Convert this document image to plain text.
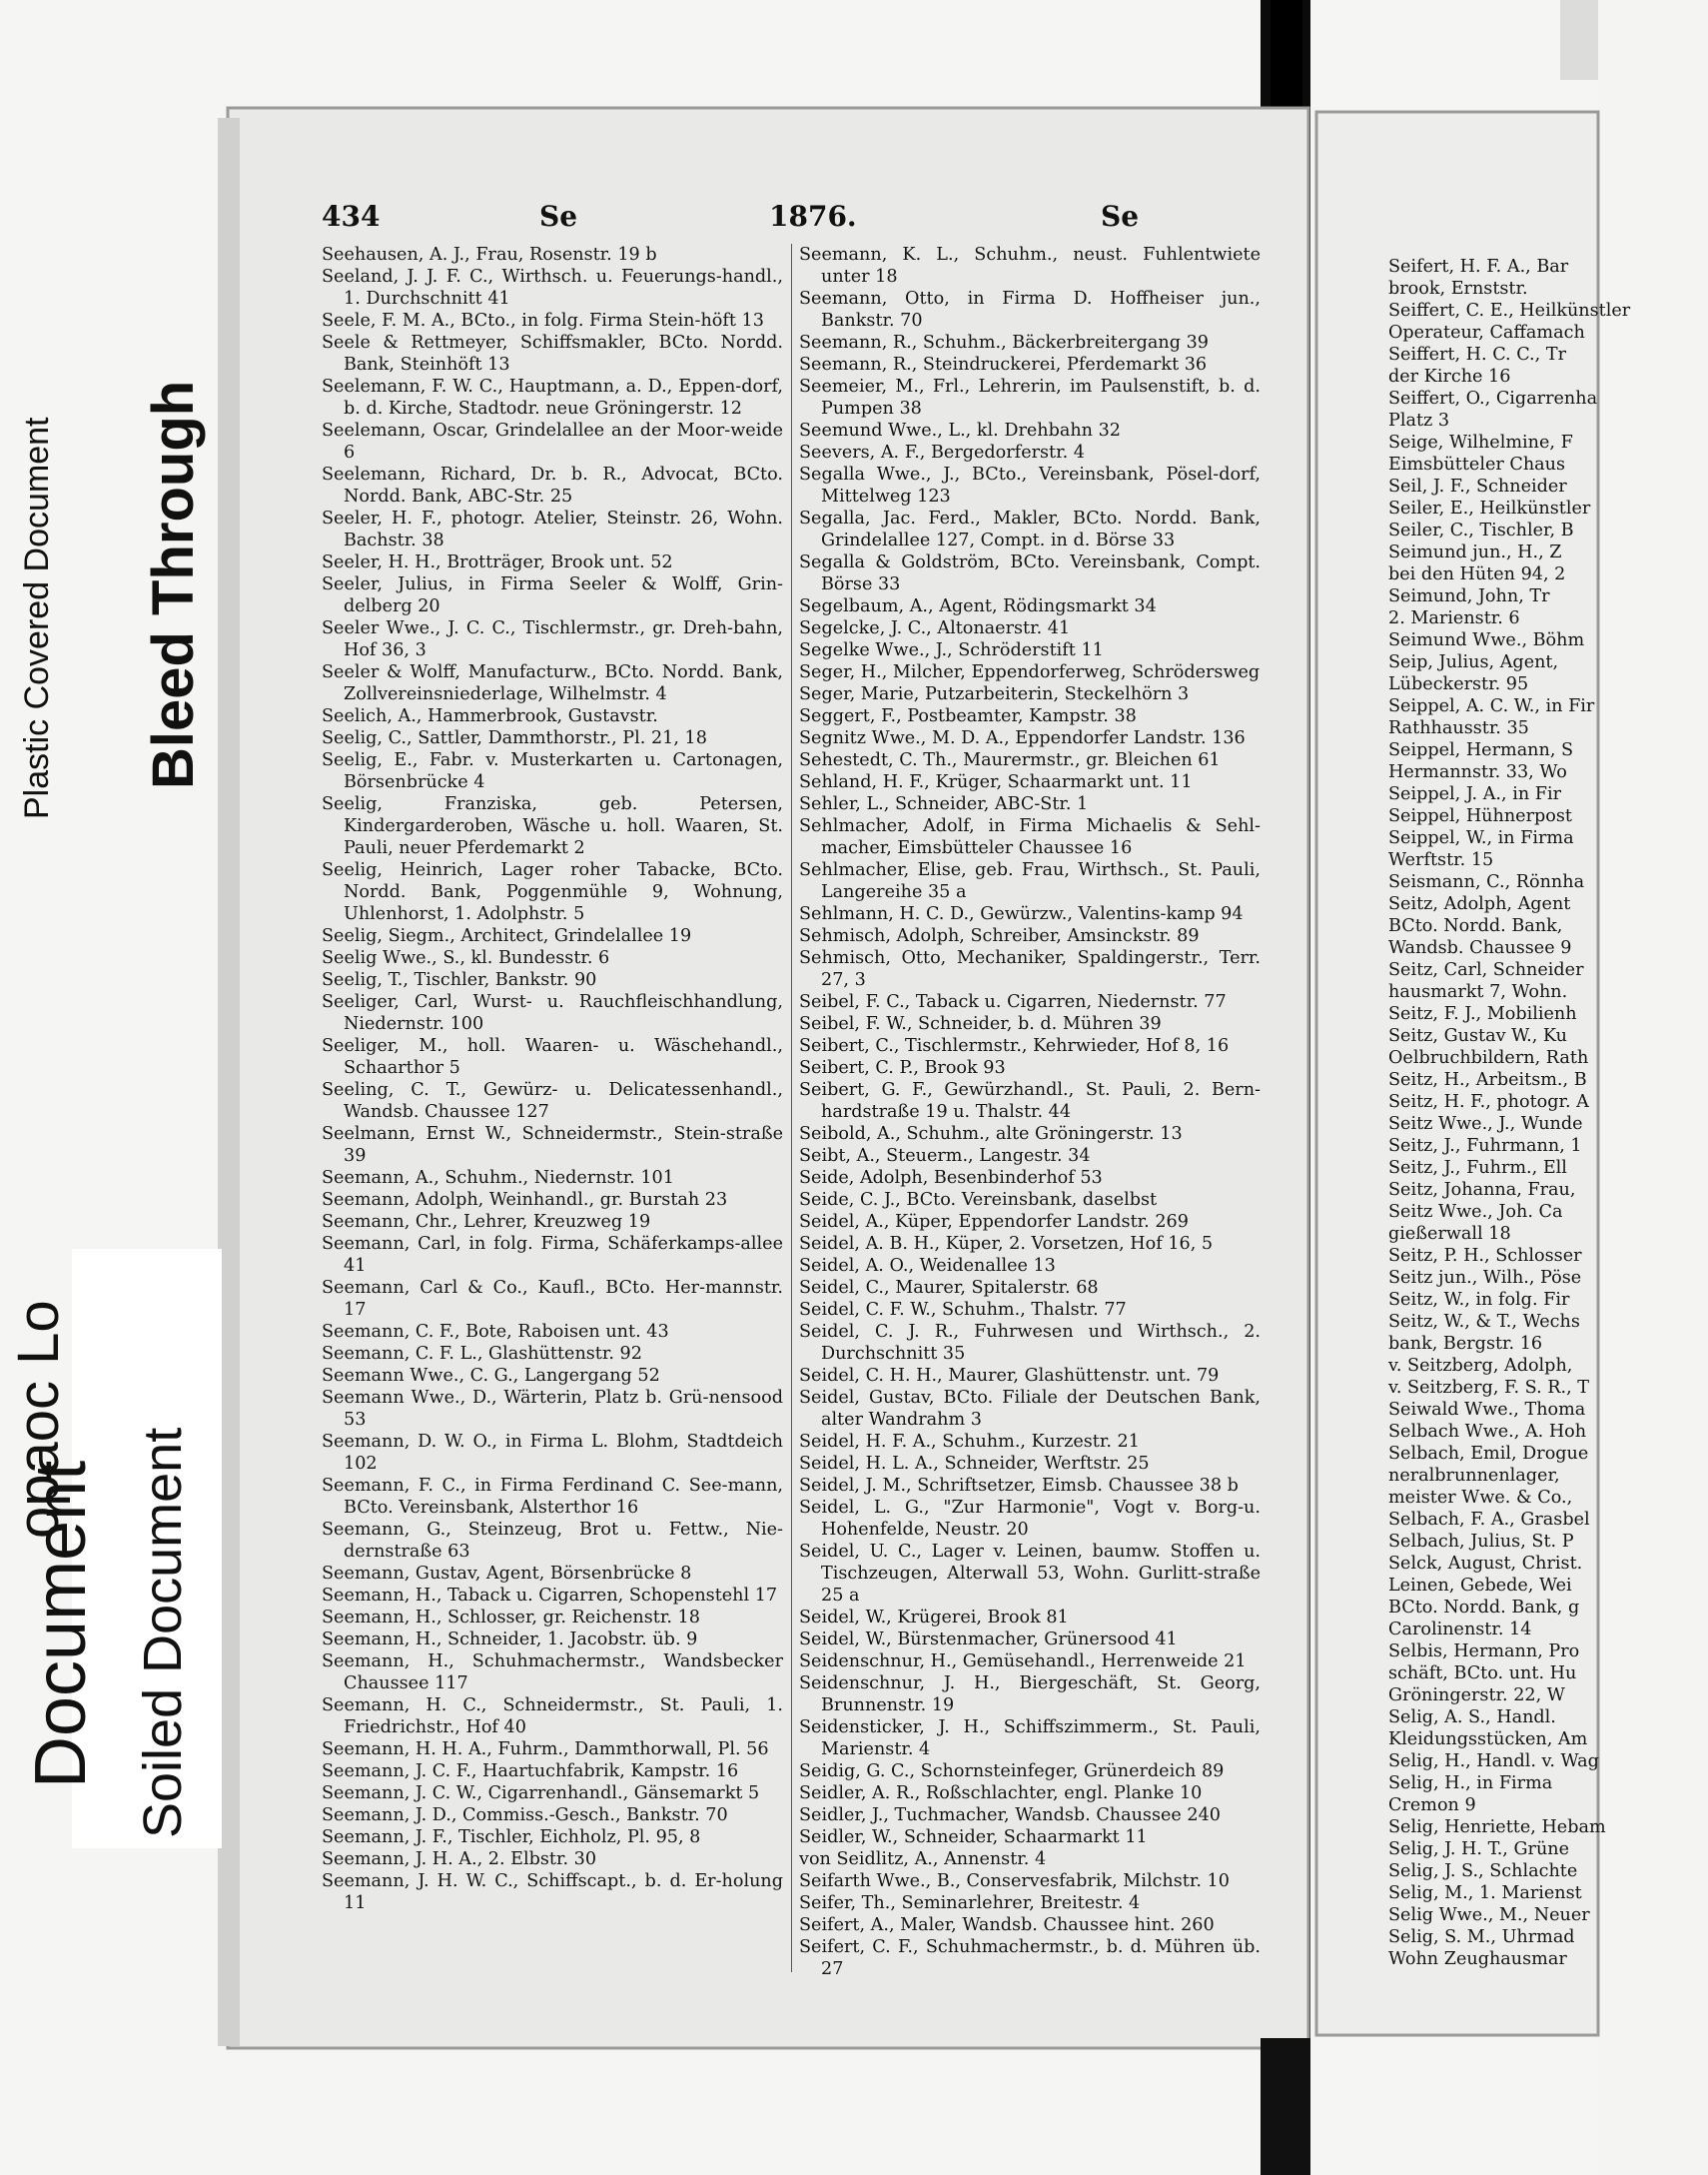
Plastic Covered Document Bleed Through
Soiled Document
Document
opaoc Lo
434	Se	1876.	Se

Seehausen, A. J., Frau, Rosenstr. 19 b

Seeland, J. J. F. C., Wirthsch. u. Feuerungs-handl., 1. Durchschnitt 41

Seele, F. M. A., BCto., in folg. Firma Stein-höft 13

Seele & Rettmeyer, Schiffsmakler, BCto. Nordd. Bank, Steinhöft 13

Seelemann, F. W. C., Hauptmann, a. D., Eppen-dorf, b. d. Kirche, Stadtodr. neue Gröningerstr. 12

Seelemann, Oscar, Grindelallee an der Moor-weide 6

Seelemann, Richard, Dr. b. R., Advocat, BCto. Nordd. Bank, ABC-Str. 25

Seeler, H. F., photogr. Atelier, Steinstr. 26, Wohn. Bachstr. 38

Seeler, H. H., Brotträger, Brook unt. 52

Seeler, Julius, in Firma Seeler & Wolff, Grin-delberg 20

Seeler Wwe., J. C. C., Tischlermstr., gr. Dreh-bahn, Hof 36, 3

Seeler & Wolff, Manufacturw., BCto. Nordd. Bank, Zollvereinsniederlage, Wilhelmstr. 4

Seelich, A., Hammerbrook, Gustavstr.

Seelig, C., Sattler, Dammthorstr., Pl. 21, 18

Seelig, E., Fabr. v. Musterkarten u. Cartonagen, Börsenbrücke 4

Seelig, Franziska, geb. Petersen, Kindergarderoben, Wäsche u. holl. Waaren, St. Pauli, neuer Pferdemarkt 2

Seelig, Heinrich, Lager roher Tabacke, BCto. Nordd. Bank, Poggenmühle 9, Wohnung, Uhlenhorst, 1. Adolphstr. 5

Seelig, Siegm., Architect, Grindelallee 19

Seelig Wwe., S., kl. Bundesstr. 6

Seelig, T., Tischler, Bankstr. 90

Seeliger, Carl, Wurst- u. Rauchfleischhandlung, Niedernstr. 100

Seeliger, M., holl. Waaren- u. Wäschehandl., Schaarthor 5

Seeling, C. T., Gewürz- u. Delicatessenhandl., Wandsb. Chaussee 127

Seelmann, Ernst W., Schneidermstr., Stein-straße 39

Seemann, A., Schuhm., Niedernstr. 101

Seemann, Adolph, Weinhandl., gr. Burstah 23

Seemann, Chr., Lehrer, Kreuzweg 19

Seemann, Carl, in folg. Firma, Schäferkamps-allee 41

Seemann, Carl & Co., Kaufl., BCto. Her-mannstr. 17

Seemann, C. F., Bote, Raboisen unt. 43

Seemann, C. F. L., Glashüttenstr. 92

Seemann Wwe., C. G., Langergang 52

Seemann Wwe., D., Wärterin, Platz b. Grü-nensood 53

Seemann, D. W. O., in Firma L. Blohm, Stadtdeich 102

Seemann, F. C., in Firma Ferdinand C. See-mann, BCto. Vereinsbank, Alsterthor 16

Seemann, G., Steinzeug, Brot u. Fettw., Nie-dernstraße 63

Seemann, Gustav, Agent, Börsenbrücke 8

Seemann, H., Taback u. Cigarren, Schopenstehl 17

Seemann, H., Schlosser, gr. Reichenstr. 18

Seemann, H., Schneider, 1. Jacobstr. üb. 9

Seemann, H., Schuhmachermstr., Wandsbecker Chaussee 117

Seemann, H. C., Schneidermstr., St. Pauli, 1. Friedrichstr., Hof 40

Seemann, H. H. A., Fuhrm., Dammthorwall, Pl. 56

Seemann, J. C. F., Haartuchfabrik, Kampstr. 16

Seemann, J. C. W., Cigarrenhandl., Gänsemarkt 5

Seemann, J. D., Commiss.-Gesch., Bankstr. 70

Seemann, J. F., Tischler, Eichholz, Pl. 95, 8

Seemann, J. H. A., 2. Elbstr. 30

Seemann, J. H. W. C., Schiffscapt., b. d. Er-holung 11

Seemann, K. L., Schuhm., neust. Fuhlentwiete unter 18

Seemann, Otto, in Firma D. Hoffheiser jun., Bankstr. 70

Seemann, R., Schuhm., Bäckerbreitergang 39

Seemann, R., Steindruckerei, Pferdemarkt 36

Seemeier, M., Frl., Lehrerin, im Paulsenstift, b. d. Pumpen 38

Seemund Wwe., L., kl. Drehbahn 32

Seevers, A. F., Bergedorferstr. 4

Segalla Wwe., J., BCto., Vereinsbank, Pösel-dorf, Mittelweg 123

Segalla, Jac. Ferd., Makler, BCto. Nordd. Bank, Grindelallee 127, Compt. in d. Börse 33

Segalla & Goldström, BCto. Vereinsbank, Compt. Börse 33

Segelbaum, A., Agent, Rödingsmarkt 34

Segelcke, J. C., Altonaerstr. 41

Segelke Wwe., J., Schröderstift 11

Seger, H., Milcher, Eppendorferweg, Schrödersweg

Seger, Marie, Putzarbeiterin, Steckelhörn 3

Seggert, F., Postbeamter, Kampstr. 38

Segnitz Wwe., M. D. A., Eppendorfer Landstr. 136

Sehestedt, C. Th., Maurermstr., gr. Bleichen 61

Sehland, H. F., Krüger, Schaarmarkt unt. 11

Sehler, L., Schneider, ABC-Str. 1

Sehlmacher, Adolf, in Firma Michaelis & Sehl-macher, Eimsbütteler Chaussee 16

Sehlmacher, Elise, geb. Frau, Wirthsch., St. Pauli, Langereihe 35 a

Sehlmann, H. C. D., Gewürzw., Valentins-kamp 94

Sehmisch, Adolph, Schreiber, Amsinckstr. 89

Sehmisch, Otto, Mechaniker, Spaldingerstr., Terr. 27, 3

Seibel, F. C., Taback u. Cigarren, Niedernstr. 77

Seibel, F. W., Schneider, b. d. Mühren 39

Seibert, C., Tischlermstr., Kehrwieder, Hof 8, 16

Seibert, C. P., Brook 93

Seibert, G. F., Gewürzhandl., St. Pauli, 2. Bern-hardstraße 19 u. Thalstr. 44

Seibold, A., Schuhm., alte Gröningerstr. 13

Seibt, A., Steuerm., Langestr. 34

Seide, Adolph, Besenbinderhof 53

Seide, C. J., BCto. Vereinsbank, daselbst

Seidel, A., Küper, Eppendorfer Landstr. 269

Seidel, A. B. H., Küper, 2. Vorsetzen, Hof 16, 5

Seidel, A. O., Weidenallee 13

Seidel, C., Maurer, Spitalerstr. 68

Seidel, C. F. W., Schuhm., Thalstr. 77

Seidel, C. J. R., Fuhrwesen und Wirthsch., 2. Durchschnitt 35

Seidel, C. H. H., Maurer, Glashüttenstr. unt. 79

Seidel, Gustav, BCto. Filiale der Deutschen Bank, alter Wandrahm 3

Seidel, H. F. A., Schuhm., Kurzestr. 21

Seidel, H. L. A., Schneider, Werftstr. 25

Seidel, J. M., Schriftsetzer, Eimsb. Chaussee 38 b

Seidel, L. G., "Zur Harmonie", Vogt v. Borg-u. Hohenfelde, Neustr. 20

Seidel, U. C., Lager v. Leinen, baumw. Stoffen u. Tischzeugen, Alterwall 53, Wohn. Gurlitt-straße 25 a

Seidel, W., Krügerei, Brook 81

Seidel, W., Bürstenmacher, Grünersood 41

Seidenschnur, H., Gemüsehandl., Herrenweide 21

Seidenschnur, J. H., Biergeschäft, St. Georg, Brunnenstr. 19

Seidensticker, J. H., Schiffszimmerm., St. Pauli, Marienstr. 4

Seidig, G. C., Schornsteinfeger, Grünerdeich 89

Seidler, A. R., Roßschlachter, engl. Planke 10

Seidler, J., Tuchmacher, Wandsb. Chaussee 240

Seidler, W., Schneider, Schaarmarkt 11

von Seidlitz, A., Annenstr. 4

Seifarth Wwe., B., Conservesfabrik, Milchstr. 10

Seifer, Th., Seminarlehrer, Breitestr. 4

Seifert, A., Maler, Wandsb. Chaussee hint. 260

Seifert, C. F., Schuhmachermstr., b. d. Mühren üb. 27

Seifert, H. F. A., Bar

brook, Ernststr.

Seiffert, C. E., Heilkünstler

Operateur, Caffamach

Seiffert, H. C. C., Tr

der Kirche 16

Seiffert, O., Cigarrenha

Platz 3

Seige, Wilhelmine, F

Eimsbütteler Chaus

Seil, J. F., Schneider

Seiler, E., Heilkünstler

Seiler, C., Tischler, B

Seimund jun., H., Z

bei den Hüten 94, 2

Seimund, John, Tr

2. Marienstr. 6

Seimund Wwe., Böhm

Seip, Julius, Agent,

Lübeckerstr. 95

Seippel, A. C. W., in Fir

Rathhausstr. 35

Seippel, Hermann, S

Hermannstr. 33, Wo

Seippel, J. A., in Fir

Seippel, Hühnerpost

Seippel, W., in Firma

Werftstr. 15

Seismann, C., Rönnha

Seitz, Adolph, Agent

BCto. Nordd. Bank,

Wandsb. Chaussee 9

Seitz, Carl, Schneider

hausmarkt 7, Wohn.

Seitz, F. J., Mobilienh

Seitz, Gustav W., Ku

Oelbruchbildern, Rath

Seitz, H., Arbeitsm., B

Seitz, H. F., photogr. A

Seitz Wwe., J., Wunde

Seitz, J., Fuhrmann, 1

Seitz, J., Fuhrm., Ell

Seitz, Johanna, Frau,

Seitz Wwe., Joh. Ca

gießerwall 18

Seitz, P. H., Schlosser

Seitz jun., Wilh., Pöse

Seitz, W., in folg. Fir

Seitz, W., & T., Wechs

bank, Bergstr. 16

v. Seitzberg, Adolph,

v. Seitzberg, F. S. R., T

Seiwald Wwe., Thoma

Selbach Wwe., A. Hoh

Selbach, Emil, Drogue

neralbrunnenlager,

meister Wwe. & Co.,

Selbach, F. A., Grasbel

Selbach, Julius, St. P

Selck, August, Christ.

Leinen, Gebede, Wei

BCto. Nordd. Bank, g

Carolinenstr. 14

Selbis, Hermann, Pro

schäft, BCto. unt. Hu

Gröningerstr. 22, W

Selig, A. S., Handl.

Kleidungsstücken, Am

Selig, H., Handl. v. Wag

Selig, H., in Firma

Cremon 9

Selig, Henriette, Hebam

Selig, J. H. T., Grüne

Selig, J. S., Schlachte

Selig, M., 1. Marienst

Selig Wwe., M., Neuer

Selig, S. M., Uhrmad

Wohn Zeughausmar
